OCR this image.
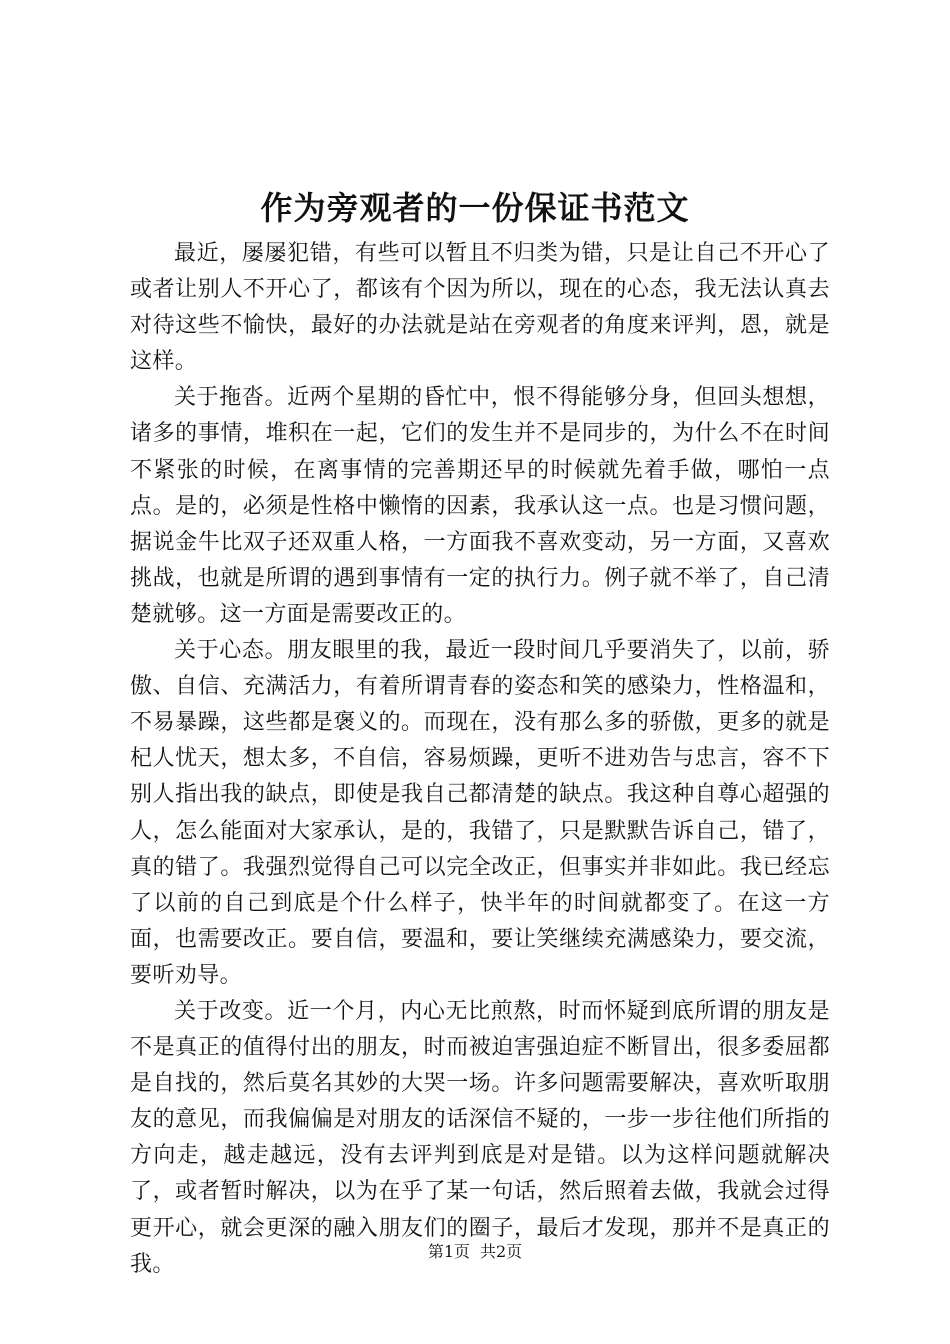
作为旁观者的一份保证书范文

最近，屡屡犯错，有些可以暂且不归类为错，只是让自己不开心了或者让别人不开心了，都该有个因为所以，现在的心态，我无法认真去对待这些不愉快，最好的办法就是站在旁观者的角度来评判，恩，就是这样。

关于拖沓。近两个星期的昏忙中，恨不得能够分身，但回头想想，诸多的事情，堆积在一起，它们的发生并不是同步的，为什么不在时间不紧张的时候，在离事情的完善期还早的时候就先着手做，哪怕一点点。是的，必须是性格中懒惰的因素，我承认这一点。也是习惯问题，据说金牛比双子还双重人格，一方面我不喜欢变动，另一方面，又喜欢挑战，也就是所谓的遇到事情有一定的执行力。例子就不举了，自己清楚就够。这一方面是需要改正的。

关于心态。朋友眼里的我，最近一段时间几乎要消失了，以前，骄傲、自信、充满活力，有着所谓青春的姿态和笑的感染力，性格温和，不易暴躁，这些都是褒义的。而现在，没有那么多的骄傲，更多的就是杞人忧天，想太多，不自信，容易烦躁，更听不进劝告与忠言，容不下别人指出我的缺点，即使是我自己都清楚的缺点。我这种自尊心超强的人，怎么能面对大家承认，是的，我错了，只是默默告诉自己，错了，真的错了。我强烈觉得自己可以完全改正，但事实并非如此。我已经忘了以前的自己到底是个什么样子，快半年的时间就都变了。在这一方面，也需要改正。要自信，要温和，要让笑继续充满感染力，要交流，要听劝导。

关于改变。近一个月，内心无比煎熬，时而怀疑到底所谓的朋友是不是真正的值得付出的朋友，时而被迫害强迫症不断冒出，很多委屈都是自找的，然后莫名其妙的大哭一场。许多问题需要解决，喜欢听取朋友的意见，而我偏偏是对朋友的话深信不疑的，一步一步往他们所指的方向走，越走越远，没有去评判到底是对是错。以为这样问题就解决了，或者暂时解决，以为在乎了某一句话，然后照着去做，我就会过得更开心，就会更深的融入朋友们的圈子，最后才发现，那并不是真正的我。

第1页 共2页
